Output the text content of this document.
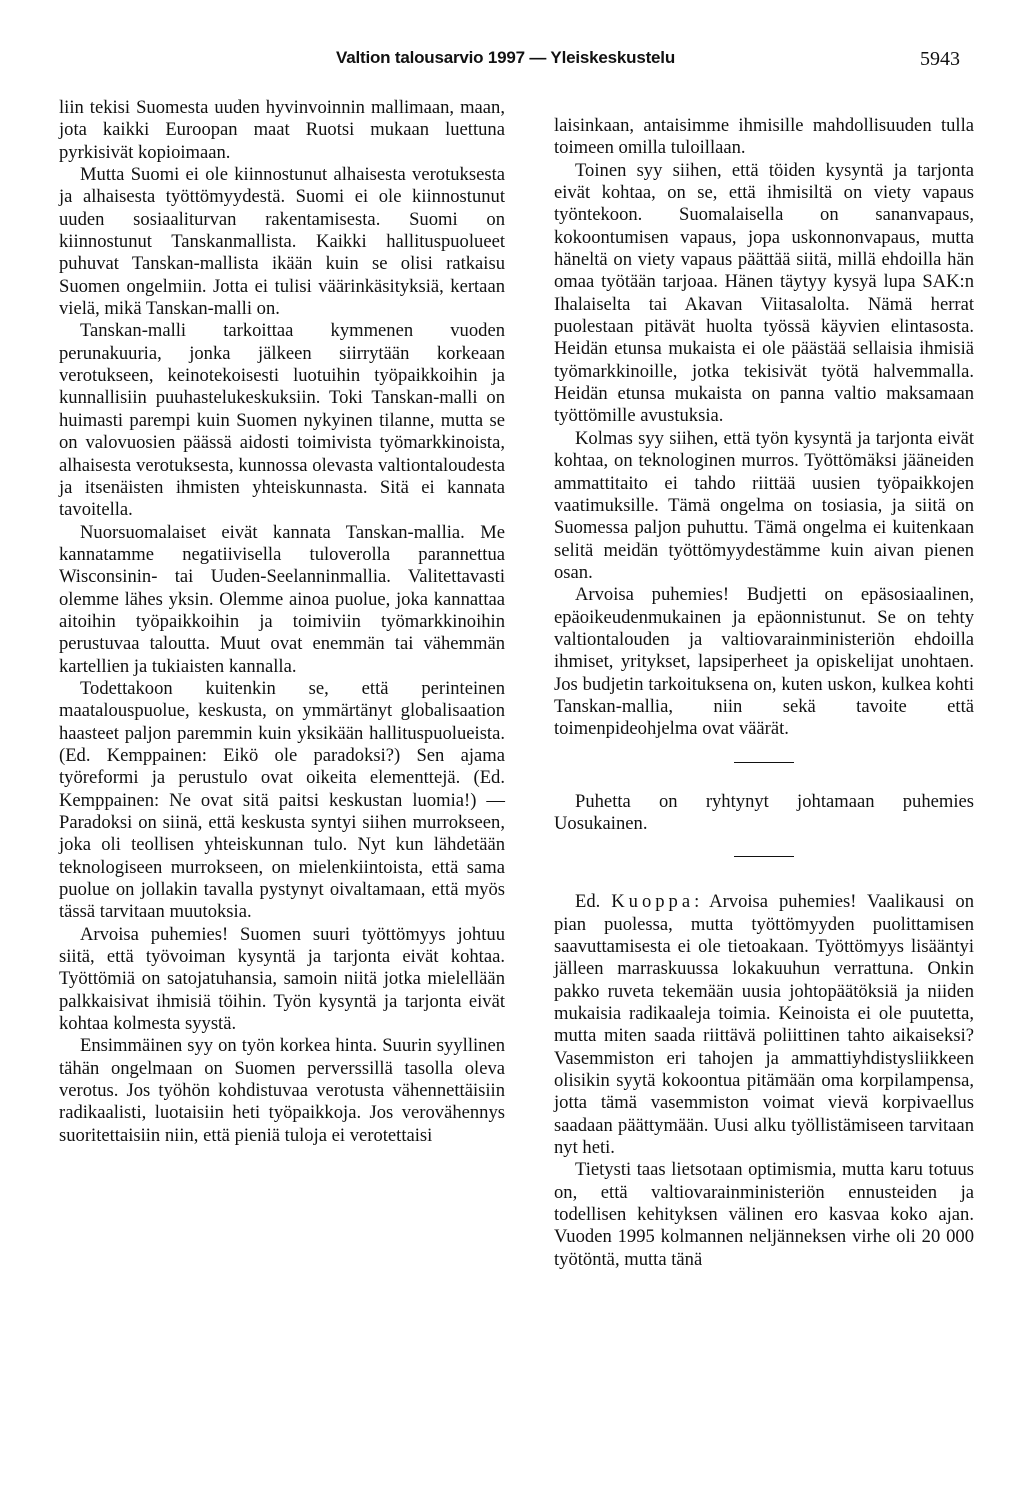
Valtion talousarvio 1997 — Yleiskeskustelu	5943

liin tekisi Suomesta uuden hyvinvoinnin mallimaan, maan, jota kaikki Euroopan maat Ruotsi mukaan luettuna pyrkisivät kopioimaan.

Mutta Suomi ei ole kiinnostunut alhaisesta verotuksesta ja alhaisesta työttömyydestä. Suomi ei ole kiinnostunut uuden sosiaaliturvan rakentamisesta. Suomi on kiinnostunut Tanskanmallista. Kaikki hallituspuolueet puhuvat Tanskan-mallista ikään kuin se olisi ratkaisu Suomen ongelmiin. Jotta ei tulisi väärinkäsityksiä, kertaan vielä, mikä Tanskan-malli on.

Tanskan-malli tarkoittaa kymmenen vuoden perunakuuria, jonka jälkeen siirrytään korkeaan verotukseen, keinotekoisesti luotuihin työpaikkoihin ja kunnallisiin puuhastelukeskuksiin. Toki Tanskan-malli on huimasti parempi kuin Suomen nykyinen tilanne, mutta se on valovuosien päässä aidosti toimivista työmarkkinoista, alhaisesta verotuksesta, kunnossa olevasta valtiontaloudesta ja itsenäisten ihmisten yhteiskunnasta. Sitä ei kannata tavoitella.

Nuorsuomalaiset eivät kannata Tanskan-mallia. Me kannatamme negatiivisella tuloverolla parannettua Wisconsinin- tai Uuden-Seelanninmallia. Valitettavasti olemme lähes yksin. Olemme ainoa puolue, joka kannattaa aitoihin työpaikkoihin ja toimiviin työmarkkinoihin perustuvaa taloutta. Muut ovat enemmän tai vähemmän kartellien ja tukiaisten kannalla.

Todettakoon kuitenkin se, että perinteinen maatalouspuolue, keskusta, on ymmärtänyt globalisaation haasteet paljon paremmin kuin yksikään hallituspuolueista. (Ed. Kemppainen: Eikö ole paradoksi?) Sen ajama työreformi ja perustulo ovat oikeita elementtejä. (Ed. Kemppainen: Ne ovat sitä paitsi keskustan luomia!) — Paradoksi on siinä, että keskusta syntyi siihen murrokseen, joka oli teollisen yhteiskunnan tulo. Nyt kun lähdetään teknologiseen murrokseen, on mielenkiintoista, että sama puolue on jollakin tavalla pystynyt oivaltamaan, että myös tässä tarvitaan muutoksia.

Arvoisa puhemies! Suomen suuri työttömyys johtuu siitä, että työvoiman kysyntä ja tarjonta eivät kohtaa. Työttömiä on satojatuhansia, samoin niitä jotka mielellään palkkaisivat ihmisiä töihin. Työn kysyntä ja tarjonta eivät kohtaa kolmesta syystä.

Ensimmäinen syy on työn korkea hinta. Suurin syyllinen tähän ongelmaan on Suomen perverssillä tasolla oleva verotus. Jos työhön kohdistuvaa verotusta vähennettäisiin radikaalisti, luotaisiin heti työpaikkoja. Jos verovähennys suoritettaisiin niin, että pieniä tuloja ei verotettaisi

laisinkaan, antaisimme ihmisille mahdollisuuden tulla toimeen omilla tuloillaan.

Toinen syy siihen, että töiden kysyntä ja tarjonta eivät kohtaa, on se, että ihmisiltä on viety vapaus työntekoon. Suomalaisella on sananvapaus, kokoontumisen vapaus, jopa uskonnonvapaus, mutta häneltä on viety vapaus päättää siitä, millä ehdoilla hän omaa työtään tarjoaa. Hänen täytyy kysyä lupa SAK:n Ihalaiselta tai Akavan Viitasalolta. Nämä herrat puolestaan pitävät huolta työssä käyvien elintasosta. Heidän etunsa mukaista ei ole päästää sellaisia ihmisiä työmarkkinoille, jotka tekisivät työtä halvemmalla. Heidän etunsa mukaista on panna valtio maksamaan työttömille avustuksia.

Kolmas syy siihen, että työn kysyntä ja tarjonta eivät kohtaa, on teknologinen murros. Työttömäksi jääneiden ammattitaito ei tahdo riittää uusien työpaikkojen vaatimuksille. Tämä ongelma on tosiasia, ja siitä on Suomessa paljon puhuttu. Tämä ongelma ei kuitenkaan selitä meidän työttömyydestämme kuin aivan pienen osan.

Arvoisa puhemies! Budjetti on epäsosiaalinen, epäoikeudenmukainen ja epäonnistunut. Se on tehty valtiontalouden ja valtiovarainministeriön ehdoilla ihmiset, yritykset, lapsiperheet ja opiskelijat unohtaen. Jos budjetin tarkoituksena on, kuten uskon, kulkea kohti Tanskan-mallia, niin sekä tavoite että toimenpideohjelma ovat väärät.

Puhetta on ryhtynyt johtamaan puhemies Uosukainen.

Ed. Kuoppa: Arvoisa puhemies! Vaalikausi on pian puolessa, mutta työttömyyden puolittamisen saavuttamisesta ei ole tietoakaan. Työttömyys lisääntyi jälleen marraskuussa lokakuuhun verrattuna. Onkin pakko ruveta tekemään uusia johtopäätöksiä ja niiden mukaisia radikaaleja toimia. Keinoista ei ole puutetta, mutta miten saada riittävä poliittinen tahto aikaiseksi? Vasemmiston eri tahojen ja ammattiyhdistysliikkeen olisikin syytä kokoontua pitämään oma korpilampensa, jotta tämä vasemmiston voimat vievä korpivaellus saadaan päättymään. Uusi alku työllistämiseen tarvitaan nyt heti.

Tietysti taas lietsotaan optimismia, mutta karu totuus on, että valtiovarainministeriön ennusteiden ja todellisen kehityksen välinen ero kasvaa koko ajan. Vuoden 1995 kolmannen neljänneksen virhe oli 20 000 työtöntä, mutta tänä
